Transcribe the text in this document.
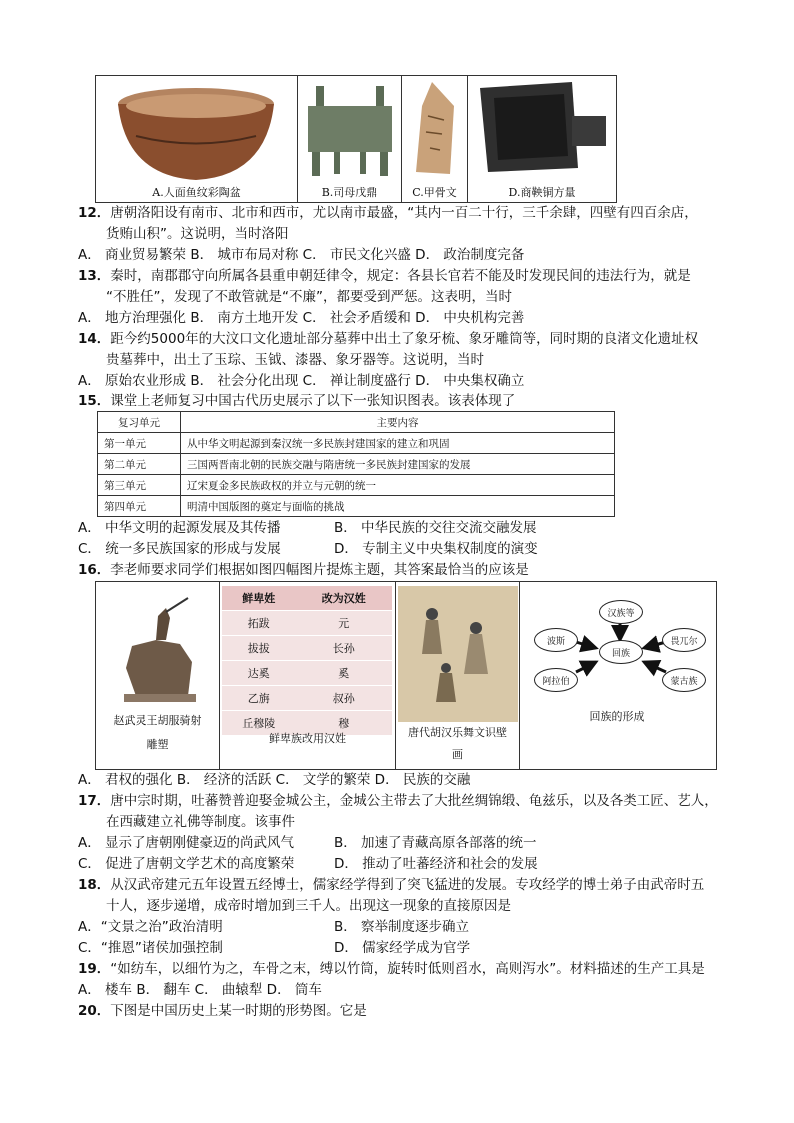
A.人面鱼纹彩陶盆	B.司母戊鼎	C.甲骨文	D.商鞅铜方量
12．唐朝洛阳设有南市、北市和西市，尤以南市最盛，“其内一百二十行，三千余肆，四壁有四百余店，
货贿山积”。这说明，当时洛阳
A． 商业贸易繁荣 B． 城市布局对称 C． 市民文化兴盛 D． 政治制度完备
13．秦时，南郡郡守向所属各县重申朝廷律令，规定：各县长官若不能及时发现民间的违法行为，就是
“不胜任”，发现了不敢管就是“不廉”，都要受到严惩。这表明，当时
A． 地方治理强化 B． 南方土地开发 C． 社会矛盾缓和 D． 中央机构完善
14．距今约5000年的大汶口文化遗址部分墓葬中出土了象牙梳、象牙雕筒等，同时期的良渚文化遗址权
贵墓葬中，出土了玉琮、玉钺、漆器、象牙器等。这说明，当时
A． 原始农业形成 B． 社会分化出现 C． 禅让制度盛行 D． 中央集权确立
15．课堂上老师复习中国古代历史展示了以下一张知识图表。该表体现了
复习单元	主要内容
第一单元	从中华文明起源到秦汉统一多民族封建国家的建立和巩固
第二单元	三国两晋南北朝的民族交融与隋唐统一多民族封建国家的发展
第三单元	辽宋夏金多民族政权的并立与元朝的统一
第四单元	明清中国版图的奠定与面临的挑战
A． 中华文明的起源发展及其传播	B． 中华民族的交往交流交融发展
C． 统一多民族国家的形成与发展	D． 专制主义中央集权制度的演变
16．李老师要求同学们根据如图四幅图片提炼主题，其答案最恰当的应该是
赵武灵王胡服骑射
雕塑
鲜卑姓	改为汉姓
拓跋	元
拔拔	长孙
达奚	奚
乙旃	叔孙
丘穆陵	穆
鲜卑族改用汉姓	唐代胡汉乐舞文识壁
画
汉族等
回族
波斯	畏兀尔
阿拉伯	蒙古族
回族的形成
A． 君权的强化 B． 经济的活跃 C． 文学的繁荣 D． 民族的交融
17．唐中宗时期，吐蕃赞普迎娶金城公主，金城公主带去了大批丝绸锦缎、龟兹乐，以及各类工匠、艺人，
在西藏建立礼佛等制度。该事件
A． 显示了唐朝刚健豪迈的尚武风气	B． 加速了青藏高原各部落的统一
C． 促进了唐朝文学艺术的高度繁荣	D． 推动了吐蕃经济和社会的发展
18．从汉武帝建元五年设置五经博士，儒家经学得到了突飞猛进的发展。专攻经学的博士弟子由武帝时五
十人，逐步递增，成帝时增加到三千人。出现这一现象的直接原因是
A．“文景之治”政治清明	B． 察举制度逐步确立
C．“推恩”诸侯加强控制	D． 儒家经学成为官学
19．“如纺车，以细竹为之，车骨之末，缚以竹筒，旋转时低则舀水，高则泻水”。材料描述的生产工具是
A． 楼车 B． 翻车 C． 曲辕犁 D． 筒车
20．下图是中国历史上某一时期的形势图。它是
